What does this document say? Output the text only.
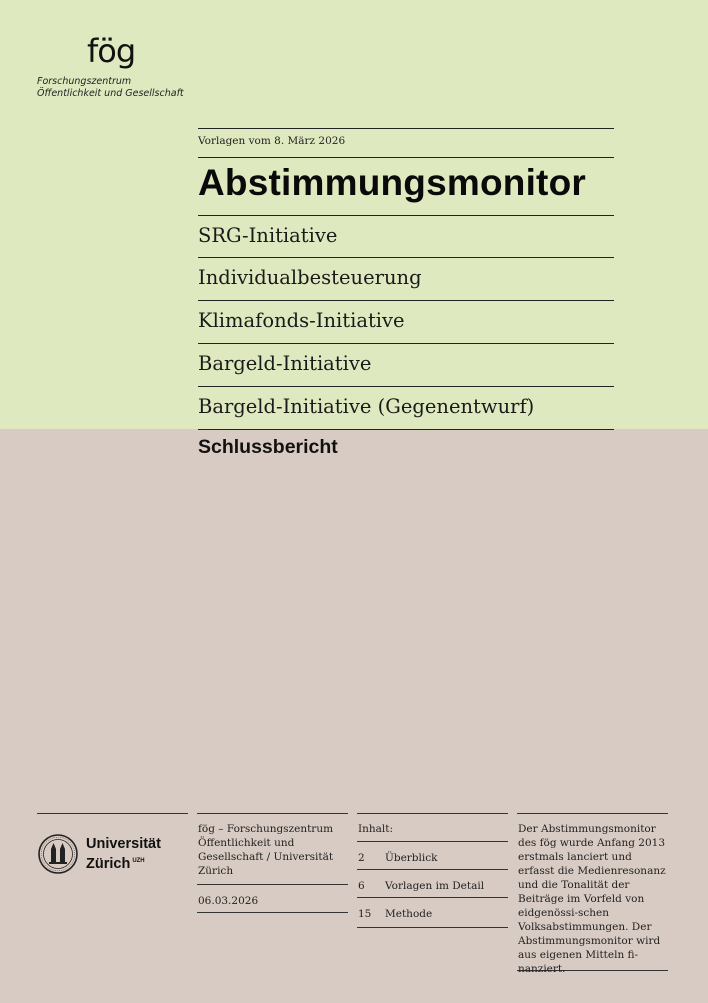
fög
Forschungszentrum
Öffentlichkeit und Gesellschaft
Vorlagen vom 8. März 2026
Abstimmungsmonitor
SRG-Initiative
Individualbesteuerung
Klimafonds-Initiative
Bargeld-Initiative
Bargeld-Initiative (Gegenentwurf)
Schlussbericht
Universität
Zürich $^{UZH}$
fög – Forschungszentrum Öffentlichkeit und Gesellschaft / Universität Zürich
06.03.2026
Inhalt:
2 Überblick
6 Vorlagen im Detail
15 Methode
Der Abstimmungsmonitor des fög wurde Anfang 2013 erstmals lanciert und erfasst die Medienresonanz und die Tonalität der Beiträge im Vorfeld von eidgenössi-schen Volksabstimmungen. Der Abstimmungsmonitor wird aus eigenen Mitteln fi-nanziert.
